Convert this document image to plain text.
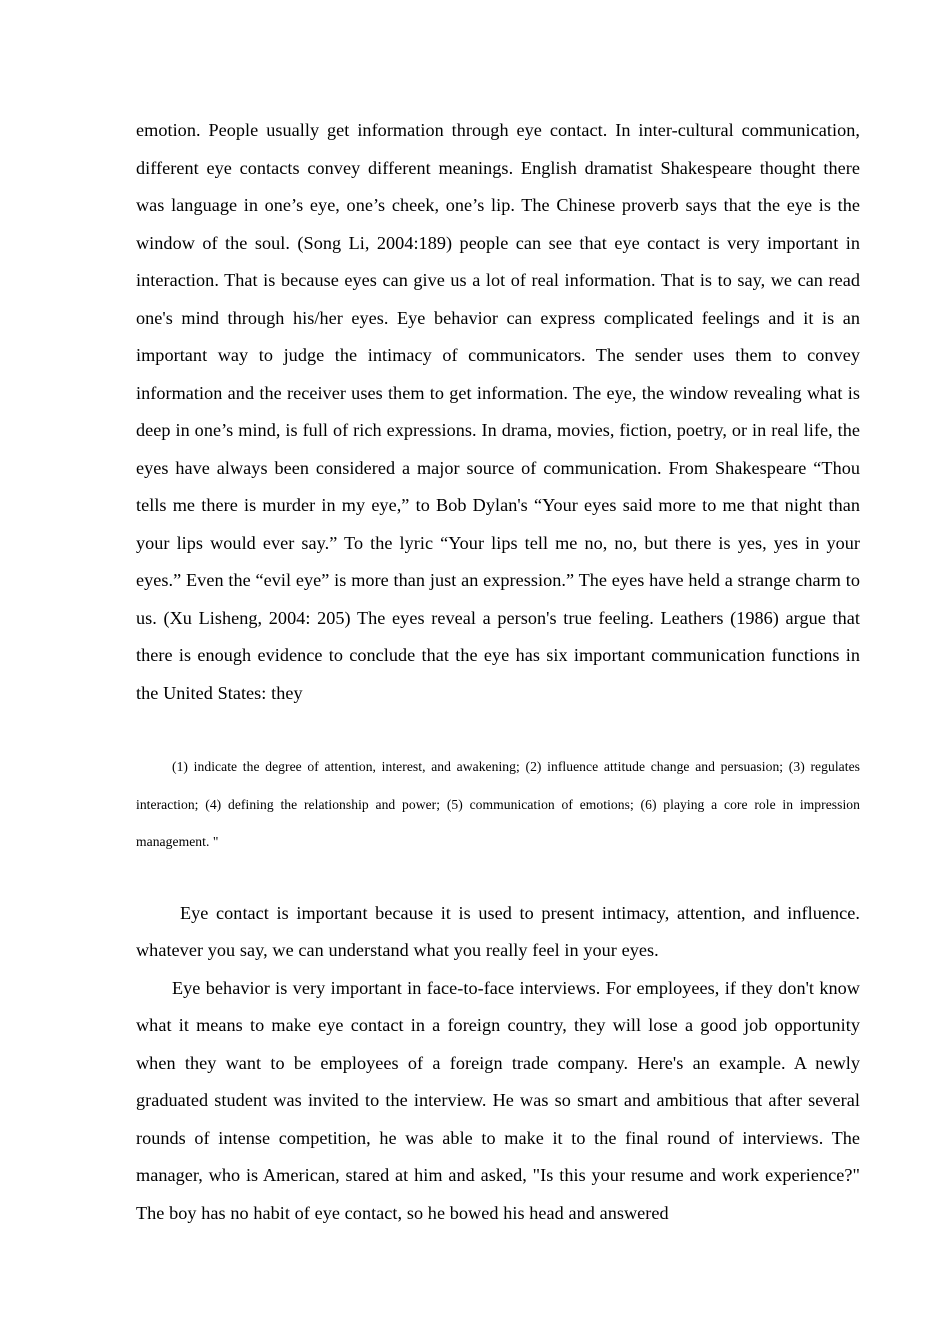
emotion. People usually get information through eye contact. In inter-cultural communication, different eye contacts convey different meanings. English dramatist Shakespeare thought there was language in one’s eye, one’s cheek, one’s lip. The Chinese proverb says that the eye is the window of the soul. (Song Li, 2004:189) people can see that eye contact is very important in interaction. That is because eyes can give us a lot of real information. That is to say, we can read one's mind through his/her eyes. Eye behavior can express complicated feelings and it is an important way to judge the intimacy of communicators. The sender uses them to convey information and the receiver uses them to get information. The eye, the window revealing what is deep in one’s mind, is full of rich expressions. In drama, movies, fiction, poetry, or in real life, the eyes have always been considered a major source of communication. From Shakespeare “Thou tells me there is murder in my eye,” to Bob Dylan's “Your eyes said more to me that night than your lips would ever say.” To the lyric “Your lips tell me no, no, but there is yes, yes in your eyes.” Even the “evil eye” is more than just an expression.” The eyes have held a strange charm to us. (Xu Lisheng, 2004: 205) The eyes reveal a person's true feeling. Leathers (1986) argue that there is enough evidence to conclude that the eye has six important communication functions in the United States: they

(1) indicate the degree of attention, interest, and awakening; (2) influence attitude change and persuasion; (3) regulates interaction; (4) defining the relationship and power; (5) communication of emotions; (6) playing a core role in impression management. "

Eye contact is important because it is used to present intimacy, attention, and influence. whatever you say, we can understand what you really feel in your eyes.

Eye behavior is very important in face-to-face interviews. For employees, if they don't know what it means to make eye contact in a foreign country, they will lose a good job opportunity when they want to be employees of a foreign trade company. Here's an example. A newly graduated student was invited to the interview. He was so smart and ambitious that after several rounds of intense competition, he was able to make it to the final round of interviews. The manager, who is American, stared at him and asked, "Is this your resume and work experience?" The boy has no habit of eye contact, so he bowed his head and answered
